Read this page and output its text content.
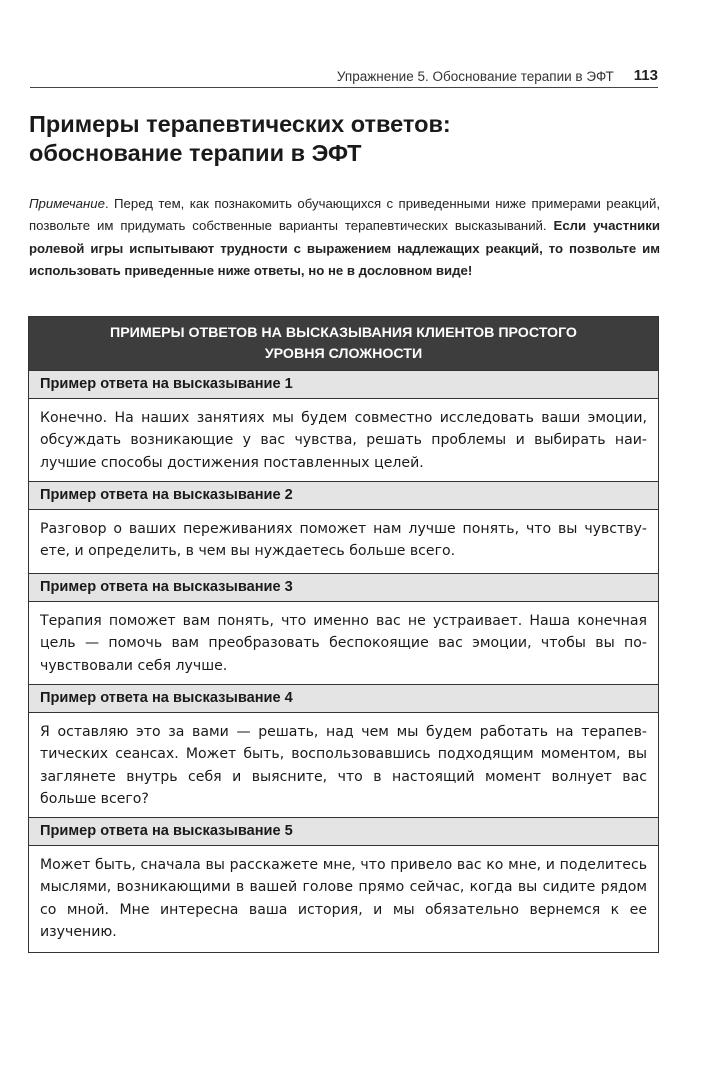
Упражнение 5. Обоснование терапии в ЭФТ 113
Примеры терапевтических ответов:
обоснование терапии в ЭФТ

Примечание. Перед тем, как познакомить обучающихся с приведенными ниже примерами реакций, позвольте им придумать собственные варианты терапевтических высказываний. Если участники ролевой игры испытывают трудности с выражением надлежащих реакций, то позвольте им использовать приведенные ниже ответы, но не в дословном виде!

ПРИМЕРЫ ОТВЕТОВ НА ВЫСКАЗЫВАНИЯ КЛИЕНТОВ ПРОСТОГО
УРОВНЯ СЛОЖНОСТИ
Пример ответа на высказывание 1
Конечно. На наших занятиях мы будем совместно исследовать ваши эмоции, обсуждать возникающие у вас чувства, решать проблемы и выбирать наилучшие способы достижения поставленных целей.
Пример ответа на высказывание 2
Разговор о ваших переживаниях поможет нам лучше понять, что вы чувствуете, и определить, в чем вы нуждаетесь больше всего.
Пример ответа на высказывание 3
Терапия поможет вам понять, что именно вас не устраивает. Наша конечная цель — помочь вам преобразовать беспокоящие вас эмоции, чтобы вы почувствовали себя лучше.
Пример ответа на высказывание 4
Я оставляю это за вами — решать, над чем мы будем работать на терапевтических сеансах. Может быть, воспользовавшись подходящим моментом, вы заглянете внутрь себя и выясните, что в настоящий момент волнует вас больше всего?
Пример ответа на высказывание 5
Может быть, сначала вы расскажете мне, что привело вас ко мне, и поделитесь мыслями, возникающими в вашей голове прямо сейчас, когда вы сидите рядом со мной. Мне интересна ваша история, и мы обязательно вернемся к ее изучению.
